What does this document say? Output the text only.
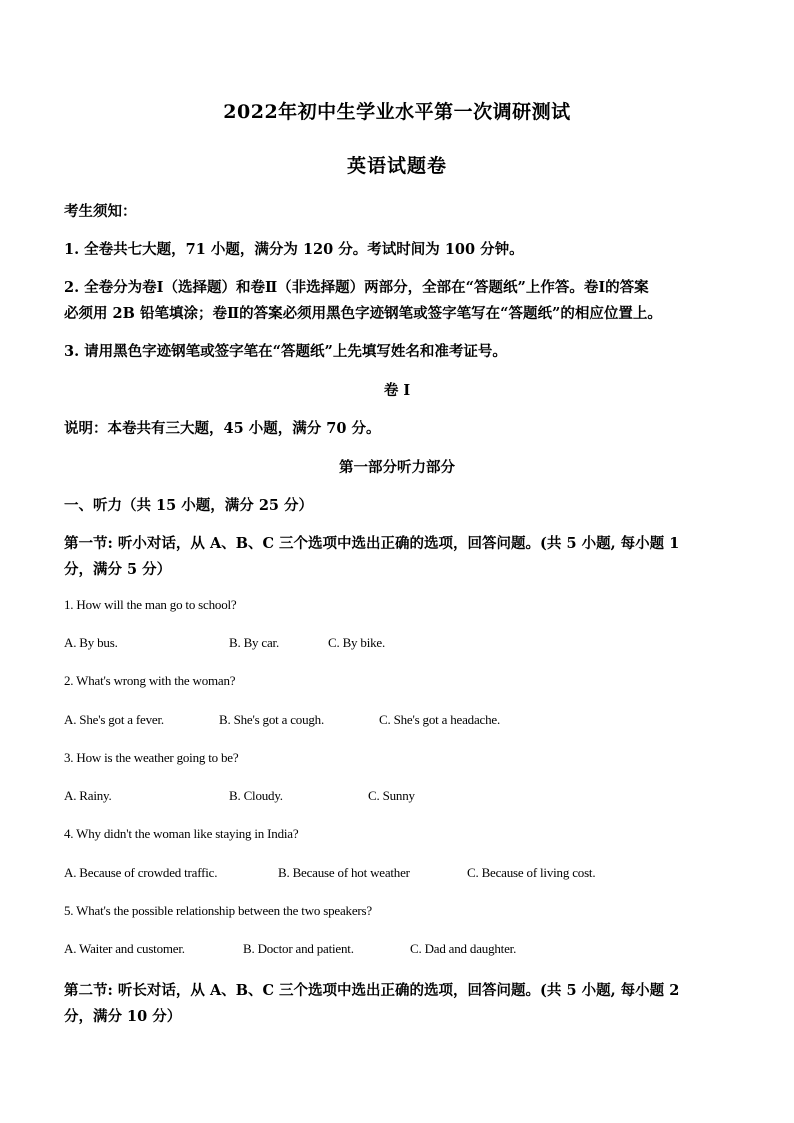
2022年初中生学业水平第一次调研测试
英语试题卷
考生须知：
1. 全卷共七大题，71 小题，满分为 120 分。考试时间为 100 分钟。
2. 全卷分为卷Ⅰ（选择题）和卷Ⅱ（非选择题）两部分，全部在“答题纸”上作答。卷Ⅰ的答案
必须用 2B 铅笔填涂；卷Ⅱ的答案必须用黑色字迹钢笔或签字笔写在“答题纸”的相应位置上。
3. 请用黑色字迹钢笔或签字笔在“答题纸”上先填写姓名和准考证号。
卷 I
说明：本卷共有三大题，45 小题，满分 70 分。
第一部分听力部分
一、听力（共 15 小题，满分 25 分）
第一节: 听小对话，从 A、B、C 三个选项中选出正确的选项，回答问题。(共 5 小题, 每小题 1
分，满分 5 分）
1. How will the man go to school?
A. By bus.	B. By car.	C. By bike.
2. What's wrong with the woman?
A. She's got a fever.	B. She's got a cough.	C. She's got a headache.
3. How is the weather going to be?
A. Rainy.	B. Cloudy.	C. Sunny
4. Why didn't the woman like staying in India?
A. Because of crowded traffic.	B. Because of hot weather	C. Because of living cost.
5. What's the possible relationship between the two speakers?
A. Waiter and customer.	B. Doctor and patient.	C. Dad and daughter.
第二节: 听长对话，从 A、B、C 三个选项中选出正确的选项，回答问题。(共 5 小题, 每小题 2
分，满分 10 分）
